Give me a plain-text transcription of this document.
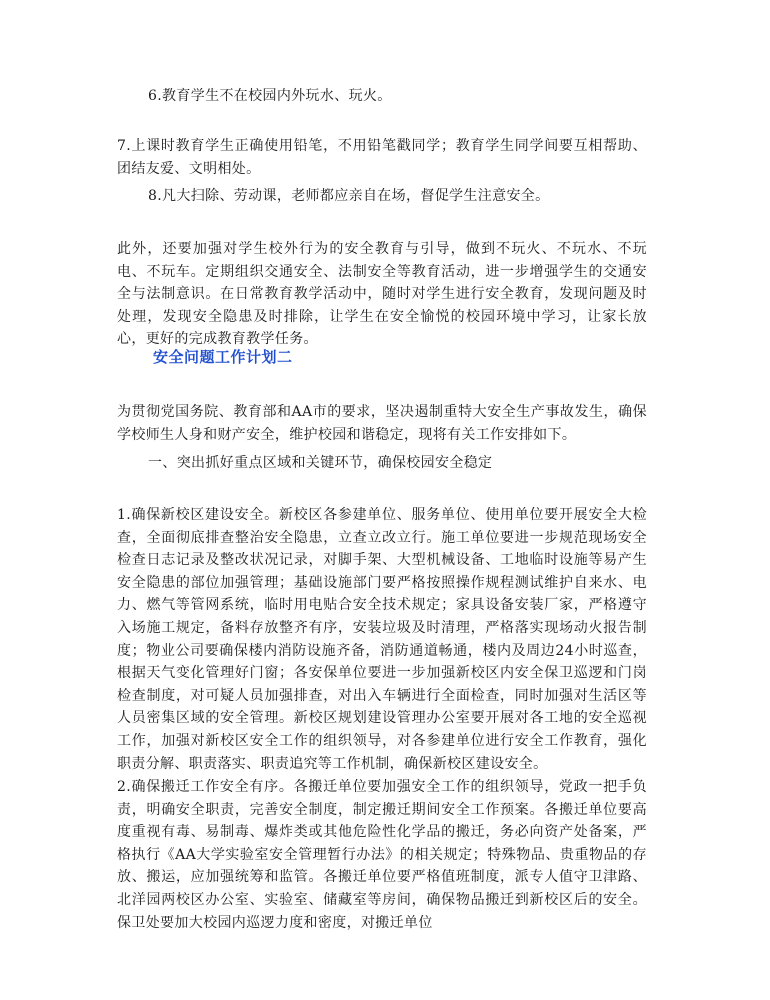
6.教育学生不在校园内外玩水、玩火。

7.上课时教育学生正确使用铅笔，不用铅笔戳同学；教育学生同学间要互相帮助、团结友爱、文明相处。

8.凡大扫除、劳动课，老师都应亲自在场，督促学生注意安全。

此外，还要加强对学生校外行为的安全教育与引导，做到不玩火、不玩水、不玩电、不玩车。定期组织交通安全、法制安全等教育活动，进一步增强学生的交通安全与法制意识。在日常教育教学活动中，随时对学生进行安全教育，发现问题及时处理，发现安全隐患及时排除，让学生在安全愉悦的校园环境中学习，让家长放心，更好的完成教育教学任务。

安全问题工作计划二

为贯彻党国务院、教育部和AA市的要求，坚决遏制重特大安全生产事故发生，确保学校师生人身和财产安全，维护校园和谐稳定，现将有关工作安排如下。

一、突出抓好重点区域和关键环节，确保校园安全稳定

1.确保新校区建设安全。新校区各参建单位、服务单位、使用单位要开展安全大检查，全面彻底排查整治安全隐患，立查立改立行。施工单位要进一步规范现场安全检查日志记录及整改状况记录，对脚手架、大型机械设备、工地临时设施等易产生安全隐患的部位加强管理；基础设施部门要严格按照操作规程测试维护自来水、电力、燃气等管网系统，临时用电贴合安全技术规定；家具设备安装厂家，严格遵守入场施工规定，备料存放整齐有序，安装垃圾及时清理，严格落实现场动火报告制度；物业公司要确保楼内消防设施齐备，消防通道畅通，楼内及周边24小时巡查，根据天气变化管理好门窗；各安保单位要进一步加强新校区内安全保卫巡逻和门岗检查制度，对可疑人员加强排查，对出入车辆进行全面检查，同时加强对生活区等人员密集区域的安全管理。新校区规划建设管理办公室要开展对各工地的安全巡视工作，加强对新校区安全工作的组织领导，对各参建单位进行安全工作教育，强化职责分解、职责落实、职责追究等工作机制，确保新校区建设安全。

2.确保搬迁工作安全有序。各搬迁单位要加强安全工作的组织领导，党政一把手负责，明确安全职责，完善安全制度，制定搬迁期间安全工作预案。各搬迁单位要高度重视有毒、易制毒、爆炸类或其他危险性化学品的搬迁，务必向资产处备案，严格执行《AA大学实验室安全管理暂行办法》的相关规定；特殊物品、贵重物品的存放、搬运，应加强统筹和监管。各搬迁单位要严格值班制度，派专人值守卫津路、北洋园两校区办公室、实验室、储藏室等房间，确保物品搬迁到新校区后的安全。保卫处要加大校园内巡逻力度和密度，对搬迁单位
